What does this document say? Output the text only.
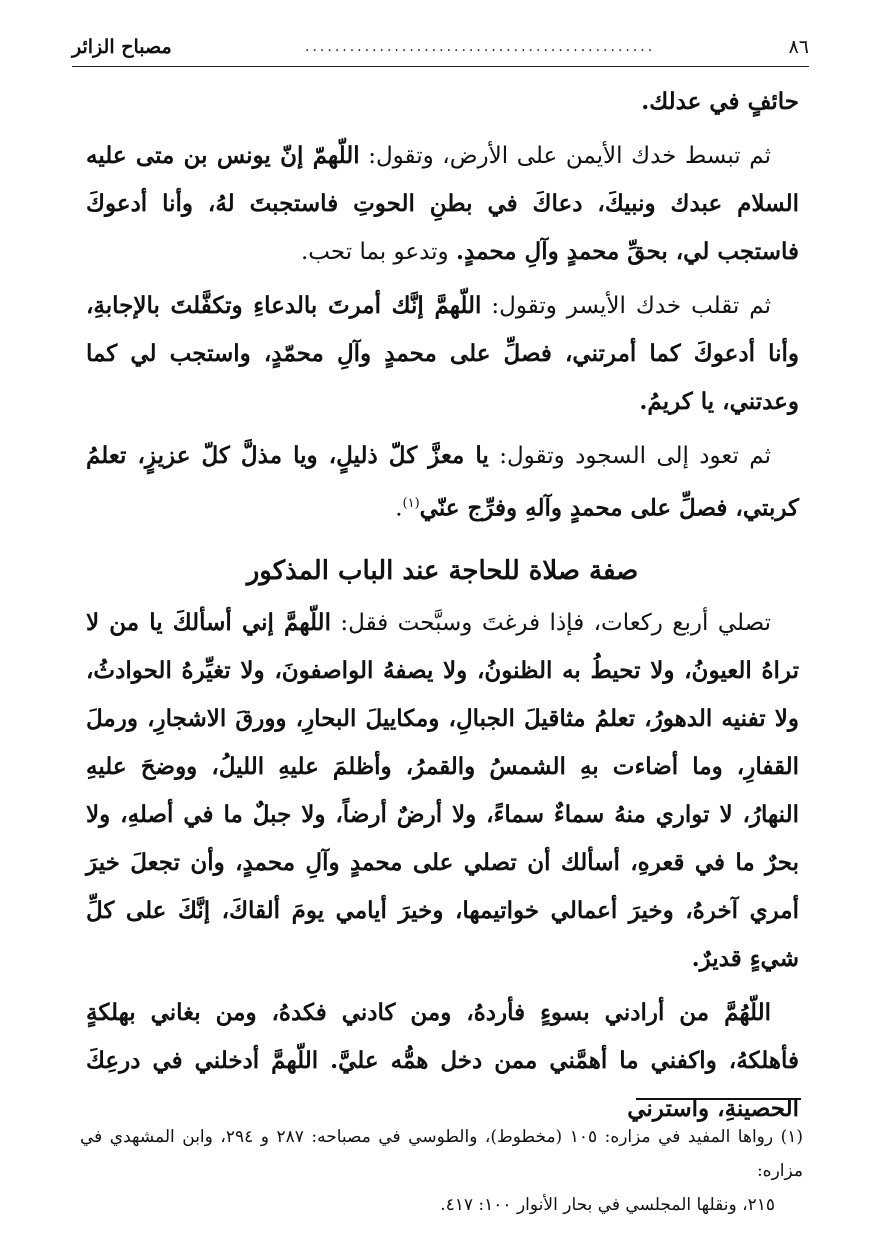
٨٦
...............................................
مصباح الزائر

حائفٍ في عدلك.

ثم تبسط خدك الأيمن على الأرض، وتقول: اللّهمّ إنّ يونس بن متى عليه السلام عبدك ونبيكَ، دعاكَ في بطنِ الحوتِ فاستجبتَ لهُ، وأنا أدعوكَ فاستجب لي، بحقِّ محمدٍ وآلِ محمدٍ. وتدعو بما تحب.

ثم تقلب خدك الأيسر وتقول: اللّهمَّ إنَّك أمرتَ بالدعاءِ وتكفَّلتَ بالإجابةِ، وأنا أدعوكَ كما أمرتني، فصلِّ على محمدٍ وآلِ محمّدٍ، واستجب لي كما وعدتني، يا كريمُ.

ثم تعود إلى السجود وتقول: يا معزَّ كلّ ذليلٍ، ويا مذلَّ كلّ عزيزٍ، تعلمُ كربتي، فصلِّ على محمدٍ وآلهِ وفرِّج عنّي$^{(١)}$.

صفة صلاة للحاجة عند الباب المذكور

تصلي أربع ركعات، فإذا فرغتَ وسبَّحت فقل: اللّهمَّ إني أسألكَ يا من لا تراهُ العيونُ، ولا تحيطُ به الظنونُ، ولا يصفهُ الواصفونَ، ولا تغيِّرهُ الحوادثُ، ولا تفنيه الدهورُ، تعلمُ مثاقيلَ الجبالِ، ومكاييلَ البحارِ، وورقَ الاشجارِ، ورملَ القفارِ، وما أضاءت بهِ الشمسُ والقمرُ، وأظلمَ عليهِ الليلُ، ووضحَ عليهِ النهارُ، لا تواري منهُ سماءٌ سماءً، ولا أرضٌ أرضاً، ولا جبلٌ ما في أصلهِ، ولا بحرٌ ما في قعرهِ، أسألك أن تصلي على محمدٍ وآلِ محمدٍ، وأن تجعلَ خيرَ أمري آخرهُ، وخيرَ أعمالي خواتيمها، وخيرَ أيامي يومَ ألقاكَ، إنَّكَ على كلِّ شيءٍ قديرٌ.

اللّهُمَّ من أرادني بسوءٍ فأردهُ، ومن كادني فكدهُ، ومن بغاني بهلكةٍ فأهلكهُ، واكفني ما أهمَّني ممن دخل همُّه عليَّ. اللّهمَّ أدخلني في درعِكَ الحصينةِ، واسترني

(١) رواها المفيد في مزاره: ١٠٥ (مخطوط)، والطوسي في مصباحه: ٢٨٧ و ٢٩٤، وابن المشهدي في مزاره:

٢١٥، ونقلها المجلسي في بحار الأنوار ١٠٠: ٤١٧.
